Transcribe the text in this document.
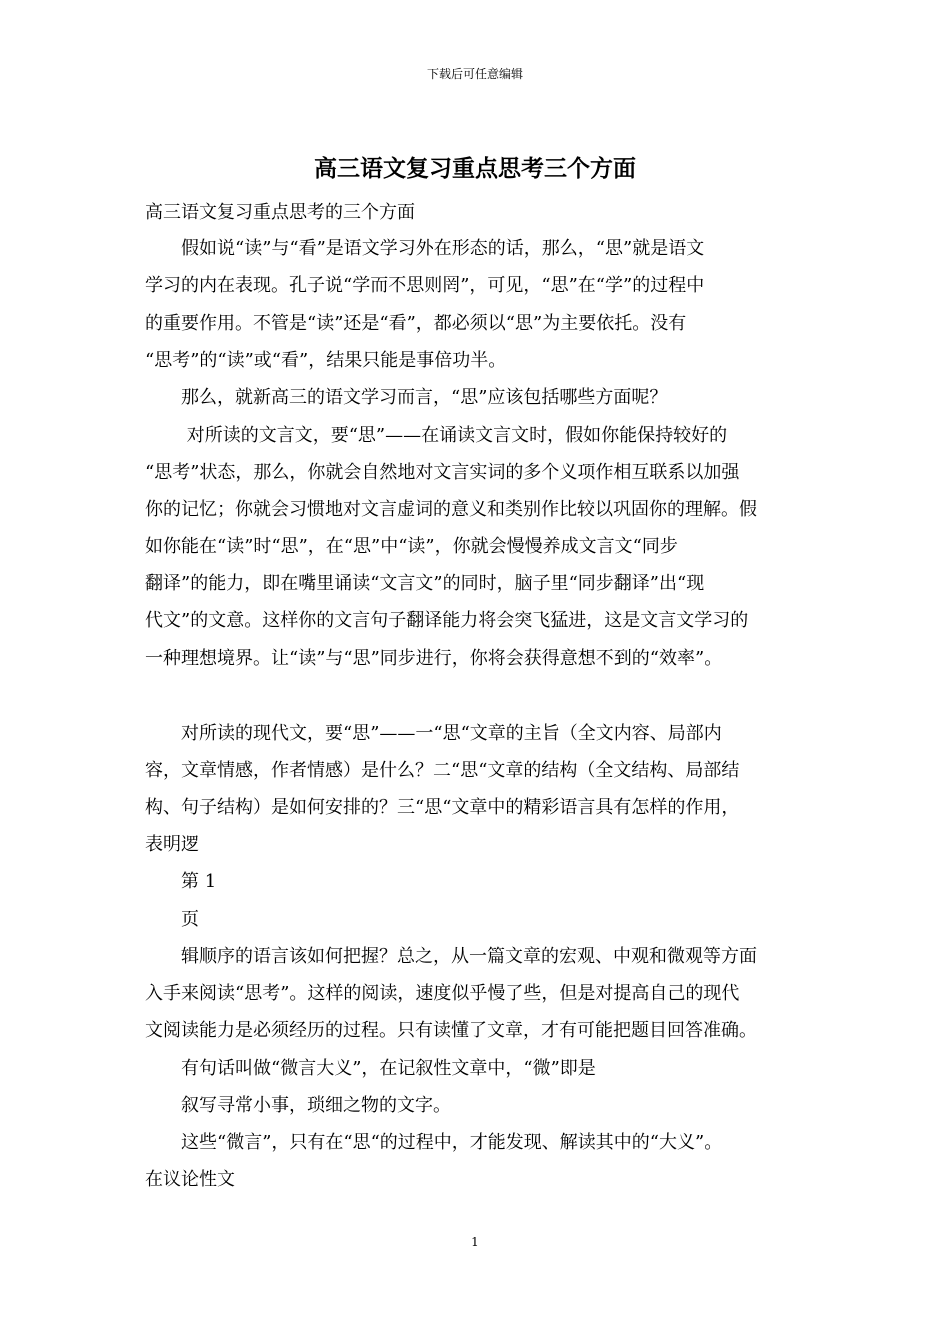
下载后可任意编辑
高三语文复习重点思考三个方面
高三语文复习重点思考的三个方面
　　假如说“读”与“看”是语文学习外在形态的话，那么，“思”就是语文
学习的内在表现。孔子说“学而不思则罔”，可见，“思”在“学”的过程中
的重要作用。不管是“读”还是“看”，都必须以“思”为主要依托。没有
“思考”的“读”或“看”，结果只能是事倍功半。
　　那么，就新高三的语文学习而言，“思”应该包括哪些方面呢？
　　 对所读的文言文，要“思”——在诵读文言文时，假如你能保持较好的
“思考”状态，那么，你就会自然地对文言实词的多个义项作相互联系以加强
你的记忆；你就会习惯地对文言虚词的意义和类别作比较以巩固你的理解。假
如你能在“读”时“思”，在“思”中“读”，你就会慢慢养成文言文“同步
翻译”的能力，即在嘴里诵读“文言文”的同时，脑子里“同步翻译”出“现
代文”的文意。这样你的文言句子翻译能力将会突飞猛进，这是文言文学习的
一种理想境界。让“读”与“思”同步进行，你将会获得意想不到的“效率”。
　　对所读的现代文，要“思”——一“思“文章的主旨（全文内容、局部内
容，文章情感，作者情感）是什么？二“思“文章的结构（全文结构、局部结
构、句子结构）是如何安排的？三“思“文章中的精彩语言具有怎样的作用，
表明逻
　　第 1
　　页
　　辑顺序的语言该如何把握？总之，从一篇文章的宏观、中观和微观等方面
入手来阅读“思考”。这样的阅读，速度似乎慢了些，但是对提高自己的现代
文阅读能力是必须经历的过程。只有读懂了文章，才有可能把题目回答准确。
　　有句话叫做“微言大义”，在记叙性文章中，“微”即是
　　叙写寻常小事，琐细之物的文字。
　　这些“微言”，只有在“思“的过程中，才能发现、解读其中的“大义”。
在议论性文
1
